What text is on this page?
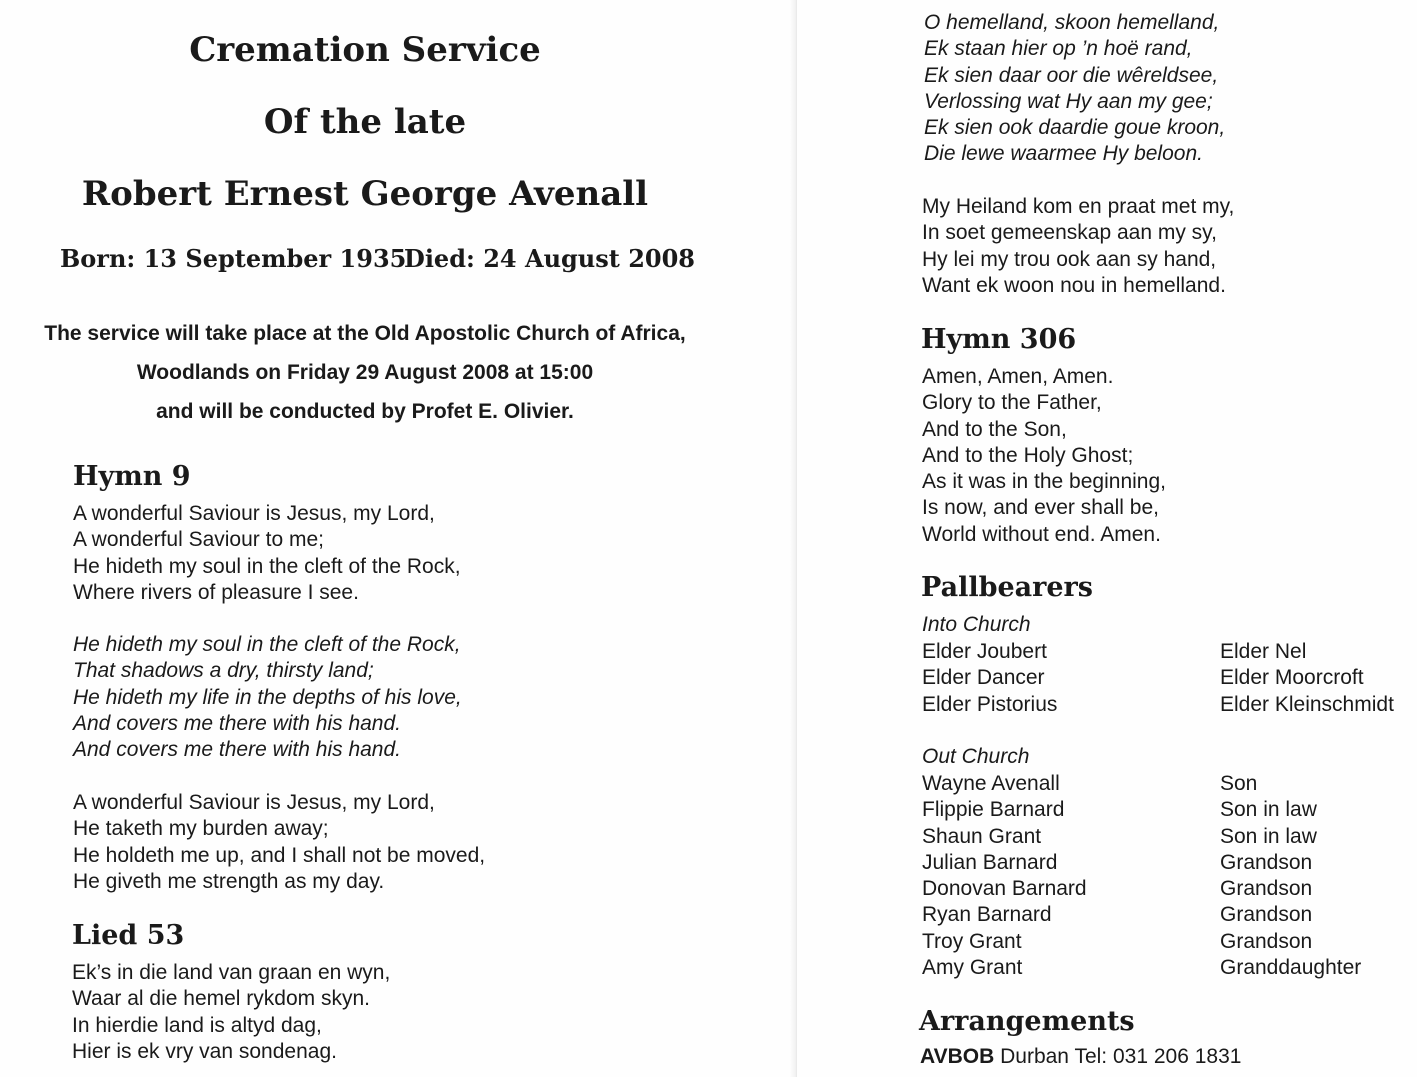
Cremation Service
Of the late
Robert Ernest George Avenall
Born: 13 September 1935
Died: 24 August 2008
The service will take place at the Old Apostolic Church of Africa,
Woodlands on Friday 29 August 2008 at 15:00
and will be conducted by Profet E. Olivier.
Hymn 9
A wonderful Saviour is Jesus, my Lord,
A wonderful Saviour to me;
He hideth my soul in the cleft of the Rock,
Where rivers of pleasure I see.
He hideth my soul in the cleft of the Rock,
That shadows a dry, thirsty land;
He hideth my life in the depths of his love,
And covers me there with his hand.
And covers me there with his hand.
A wonderful Saviour is Jesus, my Lord,
He taketh my burden away;
He holdeth me up, and I shall not be moved,
He giveth me strength as my day.
Lied 53
Ek’s in die land van graan en wyn,
Waar al die hemel rykdom skyn.
In hierdie land is altyd dag,
Hier is ek vry van sondenag.
O hemelland, skoon hemelland,
Ek staan hier op ’n hoë rand,
Ek sien daar oor die wêreldsee,
Verlossing wat Hy aan my gee;
Ek sien ook daardie goue kroon,
Die lewe waarmee Hy beloon.
My Heiland kom en praat met my,
In soet gemeenskap aan my sy,
Hy lei my trou ook aan sy hand,
Want ek woon nou in hemelland.
Hymn 306
Amen, Amen, Amen.
Glory to the Father,
And to the Son,
And to the Holy Ghost;
As it was in the beginning,
Is now, and ever shall be,
World without end. Amen.
Pallbearers
Into Church
Elder Joubert
Elder Dancer
Elder Pistorius
Elder Nel
Elder Moorcroft
Elder Kleinschmidt
Out Church
Wayne Avenall
Flippie Barnard
Shaun Grant
Julian Barnard
Donovan Barnard
Ryan Barnard
Troy Grant
Amy Grant
Son
Son in law
Son in law
Grandson
Grandson
Grandson
Grandson
Granddaughter
Arrangements
AVBOB Durban Tel: 031 206 1831
